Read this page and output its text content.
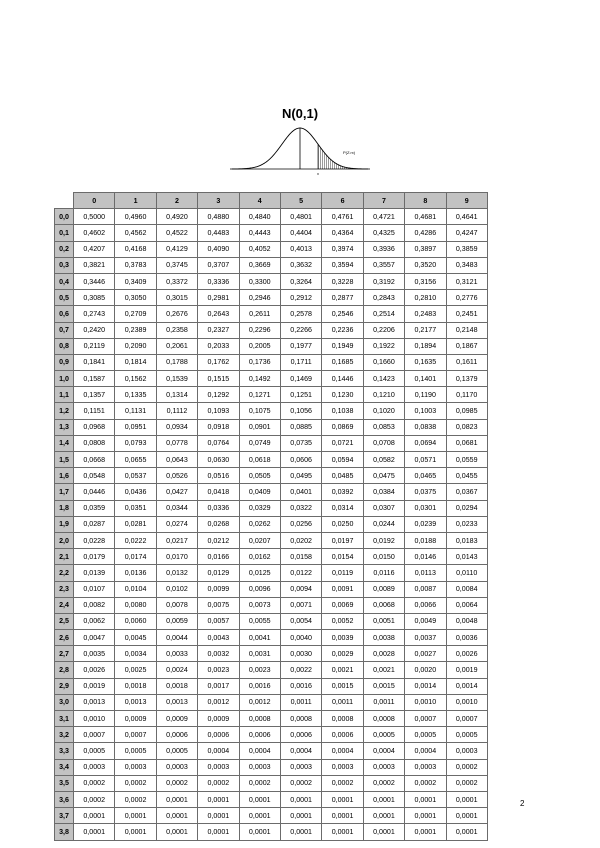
N(0,1)
P(Z>x)
x
	0	1	2	3	4	5	6	7	8	9
0,0	0,5000	0,4960	0,4920	0,4880	0,4840	0,4801	0,4761	0,4721	0,4681	0,4641
0,1	0,4602	0,4562	0,4522	0,4483	0,4443	0,4404	0,4364	0,4325	0,4286	0,4247
0,2	0,4207	0,4168	0,4129	0,4090	0,4052	0,4013	0,3974	0,3936	0,3897	0,3859
0,3	0,3821	0,3783	0,3745	0,3707	0,3669	0,3632	0,3594	0,3557	0,3520	0,3483
0,4	0,3446	0,3409	0,3372	0,3336	0,3300	0,3264	0,3228	0,3192	0,3156	0,3121
0,5	0,3085	0,3050	0,3015	0,2981	0,2946	0,2912	0,2877	0,2843	0,2810	0,2776
0,6	0,2743	0,2709	0,2676	0,2643	0,2611	0,2578	0,2546	0,2514	0,2483	0,2451
0,7	0,2420	0,2389	0,2358	0,2327	0,2296	0,2266	0,2236	0,2206	0,2177	0,2148
0,8	0,2119	0,2090	0,2061	0,2033	0,2005	0,1977	0,1949	0,1922	0,1894	0,1867
0,9	0,1841	0,1814	0,1788	0,1762	0,1736	0,1711	0,1685	0,1660	0,1635	0,1611
1,0	0,1587	0,1562	0,1539	0,1515	0,1492	0,1469	0,1446	0,1423	0,1401	0,1379
1,1	0,1357	0,1335	0,1314	0,1292	0,1271	0,1251	0,1230	0,1210	0,1190	0,1170
1,2	0,1151	0,1131	0,1112	0,1093	0,1075	0,1056	0,1038	0,1020	0,1003	0,0985
1,3	0,0968	0,0951	0,0934	0,0918	0,0901	0,0885	0,0869	0,0853	0,0838	0,0823
1,4	0,0808	0,0793	0,0778	0,0764	0,0749	0,0735	0,0721	0,0708	0,0694	0,0681
1,5	0,0668	0,0655	0,0643	0,0630	0,0618	0,0606	0,0594	0,0582	0,0571	0,0559
1,6	0,0548	0,0537	0,0526	0,0516	0,0505	0,0495	0,0485	0,0475	0,0465	0,0455
1,7	0,0446	0,0436	0,0427	0,0418	0,0409	0,0401	0,0392	0,0384	0,0375	0,0367
1,8	0,0359	0,0351	0,0344	0,0336	0,0329	0,0322	0,0314	0,0307	0,0301	0,0294
1,9	0,0287	0,0281	0,0274	0,0268	0,0262	0,0256	0,0250	0,0244	0,0239	0,0233
2,0	0,0228	0,0222	0,0217	0,0212	0,0207	0,0202	0,0197	0,0192	0,0188	0,0183
2,1	0,0179	0,0174	0,0170	0,0166	0,0162	0,0158	0,0154	0,0150	0,0146	0,0143
2,2	0,0139	0,0136	0,0132	0,0129	0,0125	0,0122	0,0119	0,0116	0,0113	0,0110
2,3	0,0107	0,0104	0,0102	0,0099	0,0096	0,0094	0,0091	0,0089	0,0087	0,0084
2,4	0,0082	0,0080	0,0078	0,0075	0,0073	0,0071	0,0069	0,0068	0,0066	0,0064
2,5	0,0062	0,0060	0,0059	0,0057	0,0055	0,0054	0,0052	0,0051	0,0049	0,0048
2,6	0,0047	0,0045	0,0044	0,0043	0,0041	0,0040	0,0039	0,0038	0,0037	0,0036
2,7	0,0035	0,0034	0,0033	0,0032	0,0031	0,0030	0,0029	0,0028	0,0027	0,0026
2,8	0,0026	0,0025	0,0024	0,0023	0,0023	0,0022	0,0021	0,0021	0,0020	0,0019
2,9	0,0019	0,0018	0,0018	0,0017	0,0016	0,0016	0,0015	0,0015	0,0014	0,0014
3,0	0,0013	0,0013	0,0013	0,0012	0,0012	0,0011	0,0011	0,0011	0,0010	0,0010
3,1	0,0010	0,0009	0,0009	0,0009	0,0008	0,0008	0,0008	0,0008	0,0007	0,0007
3,2	0,0007	0,0007	0,0006	0,0006	0,0006	0,0006	0,0006	0,0005	0,0005	0,0005
3,3	0,0005	0,0005	0,0005	0,0004	0,0004	0,0004	0,0004	0,0004	0,0004	0,0003
3,4	0,0003	0,0003	0,0003	0,0003	0,0003	0,0003	0,0003	0,0003	0,0003	0,0002
3,5	0,0002	0,0002	0,0002	0,0002	0,0002	0,0002	0,0002	0,0002	0,0002	0,0002
3,6	0,0002	0,0002	0,0001	0,0001	0,0001	0,0001	0,0001	0,0001	0,0001	0,0001
3,7	0,0001	0,0001	0,0001	0,0001	0,0001	0,0001	0,0001	0,0001	0,0001	0,0001
3,8	0,0001	0,0001	0,0001	0,0001	0,0001	0,0001	0,0001	0,0001	0,0001	0,0001
2
